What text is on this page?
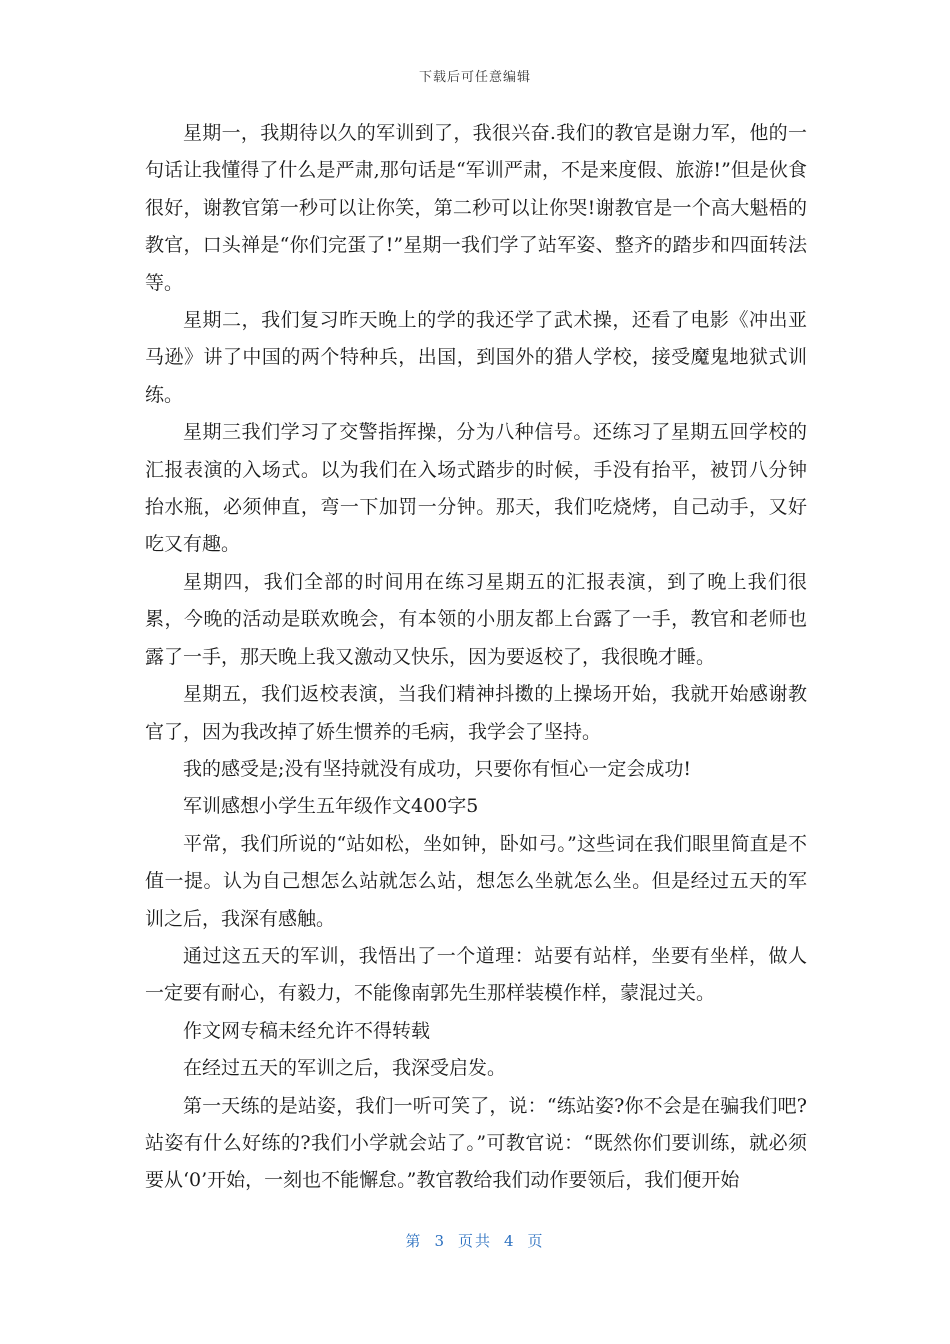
下载后可任意编辑

星期一，我期待以久的军训到了，我很兴奋.我们的教官是谢力军，他的一句话让我懂得了什么是严肃,那句话是“军训严肃，不是来度假、旅游!”但是伙食很好，谢教官第一秒可以让你笑，第二秒可以让你哭!谢教官是一个高大魁梧的教官，口头禅是“你们完蛋了!”星期一我们学了站军姿、整齐的踏步和四面转法等。

星期二，我们复习昨天晚上的学的我还学了武术操，还看了电影《冲出亚马逊》讲了中国的两个特种兵，出国，到国外的猎人学校，接受魔鬼地狱式训练。

星期三我们学习了交警指挥操，分为八种信号。还练习了星期五回学校的汇报表演的入场式。以为我们在入场式踏步的时候，手没有抬平，被罚八分钟抬水瓶，必须伸直，弯一下加罚一分钟。那天，我们吃烧烤，自己动手，又好吃又有趣。

星期四，我们全部的时间用在练习星期五的汇报表演，到了晚上我们很累，今晚的活动是联欢晚会，有本领的小朋友都上台露了一手，教官和老师也露了一手，那天晚上我又激动又快乐，因为要返校了，我很晚才睡。

星期五，我们返校表演，当我们精神抖擞的上操场开始，我就开始感谢教官了，因为我改掉了娇生惯养的毛病，我学会了坚持。

我的感受是;没有坚持就没有成功，只要你有恒心一定会成功!

军训感想小学生五年级作文400字5

平常，我们所说的“站如松，坐如钟，卧如弓。”这些词在我们眼里简直是不值一提。认为自己想怎么站就怎么站，想怎么坐就怎么坐。但是经过五天的军训之后，我深有感触。

通过这五天的军训，我悟出了一个道理：站要有站样，坐要有坐样，做人一定要有耐心，有毅力，不能像南郭先生那样装模作样，蒙混过关。

作文网专稿未经允许不得转载

在经过五天的军训之后，我深受启发。

第一天练的是站姿，我们一听可笑了，说：“练站姿?你不会是在骗我们吧?站姿有什么好练的?我们小学就会站了。”可教官说：“既然你们要训练，就必须要从‘0’开始，一刻也不能懈怠。”教官教给我们动作要领后，我们便开始

第 3 页共 4 页
